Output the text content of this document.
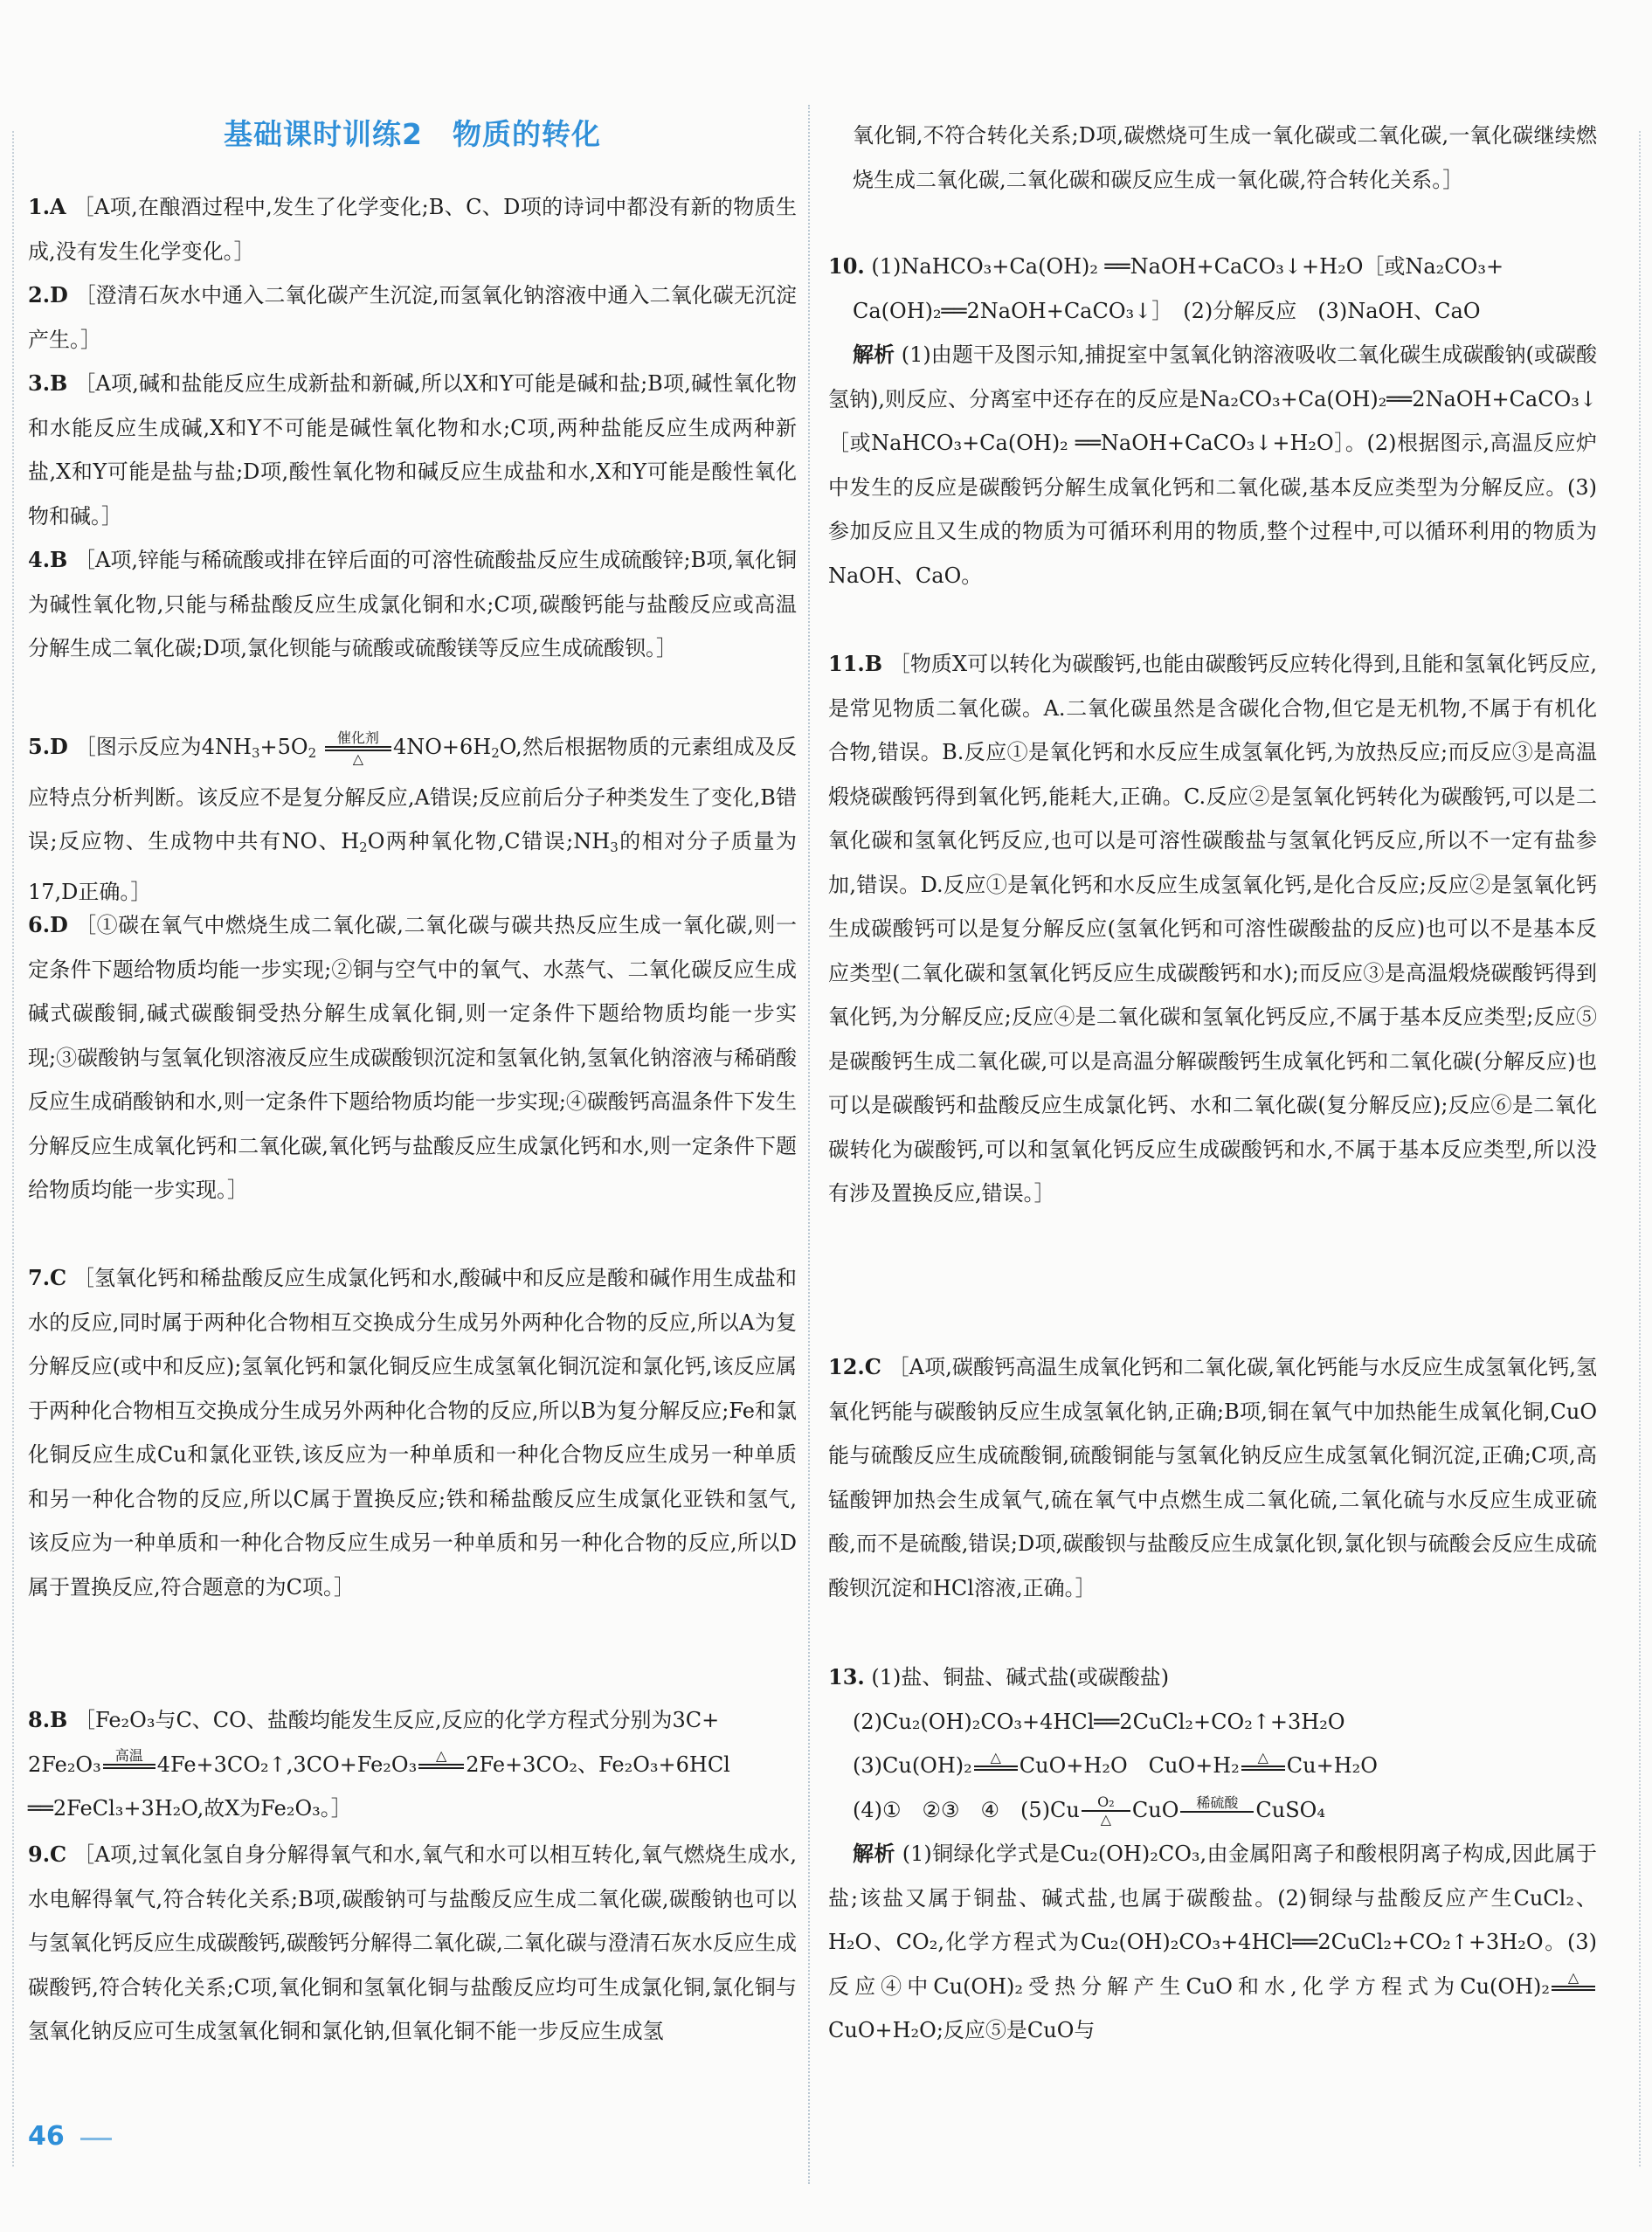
基础课时训练2　物质的转化
1.A ［A项,在酿酒过程中,发生了化学变化;B、C、D项的诗词中都没有新的物质生成,没有发生化学变化。］
2.D ［澄清石灰水中通入二氧化碳产生沉淀,而氢氧化钠溶液中通入二氧化碳无沉淀产生。］
3.B ［A项,碱和盐能反应生成新盐和新碱,所以X和Y可能是碱和盐;B项,碱性氧化物和水能反应生成碱,X和Y不可能是碱性氧化物和水;C项,两种盐能反应生成两种新盐,X和Y可能是盐与盐;D项,酸性氧化物和碱反应生成盐和水,X和Y可能是酸性氧化物和碱。］
4.B ［A项,锌能与稀硫酸或排在锌后面的可溶性硫酸盐反应生成硫酸锌;B项,氧化铜为碱性氧化物,只能与稀盐酸反应生成氯化铜和水;C项,碳酸钙能与盐酸反应或高温分解生成二氧化碳;D项,氯化钡能与硫酸或硫酸镁等反应生成硫酸钡。］
5.D ［图示反应为$4NH_3+5O_2$
催化剂
△	$4NO+6H_2O$,然后根据物质的元素组成及反应特点分析判断。该反应不是复分解反应,A错误;反应前后分子种类发生了变化,B错误;反应物、生成物中共有NO、$H_2O$两种氧化物,C错误$;NH_3$的相对分子质量为17,D正确。］
6.D ［①碳在氧气中燃烧生成二氧化碳,二氧化碳与碳共热反应生成一氧化碳,则一定条件下题给物质均能一步实现;②铜与空气中的氧气、水蒸气、二氧化碳反应生成碱式碳酸铜,碱式碳酸铜受热分解生成氧化铜,则一定条件下题给物质均能一步实现;③碳酸钠与氢氧化钡溶液反应生成碳酸钡沉淀和氢氧化钠,氢氧化钠溶液与稀硝酸反应生成硝酸钠和水,则一定条件下题给物质均能一步实现;④碳酸钙高温条件下发生分解反应生成氧化钙和二氧化碳,氧化钙与盐酸反应生成氯化钙和水,则一定条件下题给物质均能一步实现。］
7.C ［氢氧化钙和稀盐酸反应生成氯化钙和水,酸碱中和反应是酸和碱作用生成盐和水的反应,同时属于两种化合物相互交换成分生成另外两种化合物的反应,所以A为复分解反应(或中和反应);氢氧化钙和氯化铜反应生成氢氧化铜沉淀和氯化钙,该反应属于两种化合物相互交换成分生成另外两种化合物的反应,所以B为复分解反应;Fe和氯化铜反应生成Cu和氯化亚铁,该反应为一种单质和一种化合物反应生成另一种单质和另一种化合物的反应,所以C属于置换反应;铁和稀盐酸反应生成氯化亚铁和氢气,该反应为一种单质和一种化合物反应生成另一种单质和另一种化合物的反应,所以D属于置换反应,符合题意的为C项。］
8.B ［Fe₂O₃与C、CO、盐酸均能发生反应,反应的化学方程式分别为3C+
2Fe₂O₃ 高温 4Fe+3CO₂↑,3CO+Fe₂O₃	△ 2Fe+3CO₂、Fe₂O₃+6HCl
══2FeCl₃+3H₂O,故X为Fe₂O₃。］
9.C ［A项,过氧化氢自身分解得氧气和水,氧气和水可以相互转化,氧气燃烧生成水,水电解得氧气,符合转化关系;B项,碳酸钠可与盐酸反应生成二氧化碳,碳酸钠也可以与氢氧化钙反应生成碳酸钙,碳酸钙分解得二氧化碳,二氧化碳与澄清石灰水反应生成碳酸钙,符合转化关系;C项,氧化铜和氢氧化铜与盐酸反应均可生成氯化铜,氯化铜与氢氧化钠反应可生成氢氧化铜和氯化钠,但氧化铜不能一步反应生成氢
46
氧化铜,不符合转化关系;D项,碳燃烧可生成一氧化碳或二氧化碳,一氧化碳继续燃烧生成二氧化碳,二氧化碳和碳反应生成一氧化碳,符合转化关系。］
10. (1)NaHCO₃+Ca(OH)₂ ══NaOH+CaCO₃↓+H₂O［或Na₂CO₃+
Ca(OH)₂══2NaOH+CaCO₃↓］　(2)分解反应　(3)NaOH、CaO
解析 (1)由题干及图示知,捕捉室中氢氧化钠溶液吸收二氧化碳生成碳酸钠(或碳酸氢钠),则反应、分离室中还存在的反应是Na₂CO₃+Ca(OH)₂══2NaOH+CaCO₃↓［或NaHCO₃+Ca(OH)₂ ══NaOH+CaCO₃↓+H₂O］。(2)根据图示,高温反应炉中发生的反应是碳酸钙分解生成氧化钙和二氧化碳,基本反应类型为分解反应。(3)参加反应且又生成的物质为可循环利用的物质,整个过程中,可以循环利用的物质为NaOH、CaO。
11.B ［物质X可以转化为碳酸钙,也能由碳酸钙反应转化得到,且能和氢氧化钙反应,是常见物质二氧化碳。A.二氧化碳虽然是含碳化合物,但它是无机物,不属于有机化合物,错误。B.反应①是氧化钙和水反应生成氢氧化钙,为放热反应;而反应③是高温煅烧碳酸钙得到氧化钙,能耗大,正确。C.反应②是氢氧化钙转化为碳酸钙,可以是二氧化碳和氢氧化钙反应,也可以是可溶性碳酸盐与氢氧化钙反应,所以不一定有盐参加,错误。D.反应①是氧化钙和水反应生成氢氧化钙,是化合反应;反应②是氢氧化钙生成碳酸钙可以是复分解反应(氢氧化钙和可溶性碳酸盐的反应)也可以不是基本反应类型(二氧化碳和氢氧化钙反应生成碳酸钙和水);而反应③是高温煅烧碳酸钙得到氧化钙,为分解反应;反应④是二氧化碳和氢氧化钙反应,不属于基本反应类型;反应⑤是碳酸钙生成二氧化碳,可以是高温分解碳酸钙生成氧化钙和二氧化碳(分解反应)也可以是碳酸钙和盐酸反应生成氯化钙、水和二氧化碳(复分解反应);反应⑥是二氧化碳转化为碳酸钙,可以和氢氧化钙反应生成碳酸钙和水,不属于基本反应类型,所以没有涉及置换反应,错误。］
12.C ［A项,碳酸钙高温生成氧化钙和二氧化碳,氧化钙能与水反应生成氢氧化钙,氢氧化钙能与碳酸钠反应生成氢氧化钠,正确;B项,铜在氧气中加热能生成氧化铜,CuO能与硫酸反应生成硫酸铜,硫酸铜能与氢氧化钠反应生成氢氧化铜沉淀,正确;C项,高锰酸钾加热会生成氧气,硫在氧气中点燃生成二氧化硫,二氧化硫与水反应生成亚硫酸,而不是硫酸,错误;D项,碳酸钡与盐酸反应生成氯化钡,氯化钡与硫酸会反应生成硫酸钡沉淀和HCl溶液,正确。］
13. (1)盐、铜盐、碱式盐(或碳酸盐)
(2)Cu₂(OH)₂CO₃+4HCl══2CuCl₂+CO₂↑+3H₂O
(3)Cu(OH)₂	△ CuO+H₂O　CuO+H₂	△ Cu+H₂O
(4)①　②③　④　(5)Cu	O₂
△ CuO	稀硫酸 CuSO₄
解析 (1)铜绿化学式是Cu₂(OH)₂CO₃,由金属阳离子和酸根阴离子构成,因此属于盐;该盐又属于铜盐、碱式盐,也属于碳酸盐。(2)铜绿与盐酸反应产生CuCl₂、H₂O、CO₂,化学方程式为Cu₂(OH)₂CO₃+4HCl══2CuCl₂+CO₂↑+3H₂O。(3)反应④中Cu(OH)₂受热分解产生CuO和水,化学方程式为Cu(OH)₂	△
CuO+H₂O;反应⑤是CuO与
